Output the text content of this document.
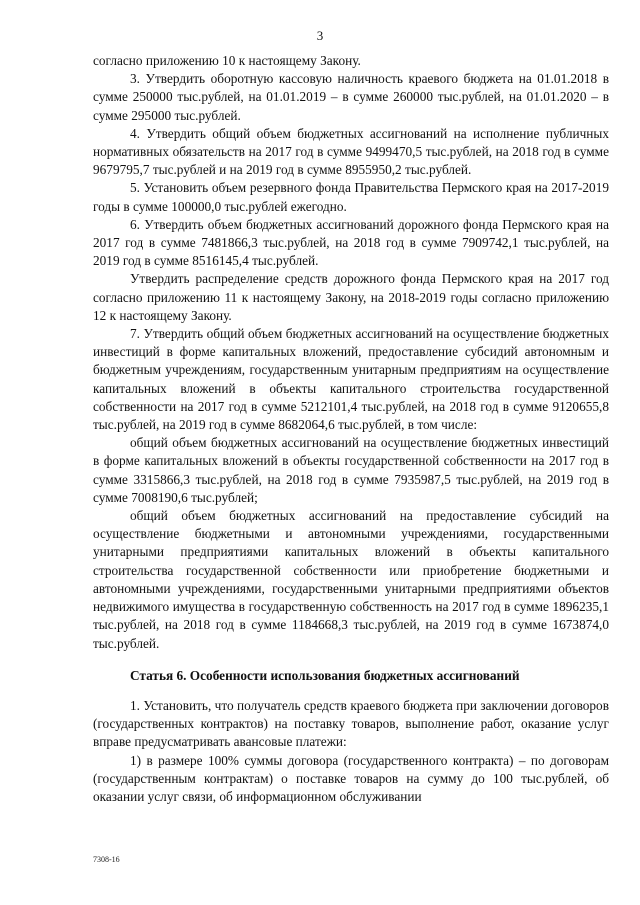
3

согласно приложению 10 к настоящему Закону.

3. Утвердить оборотную кассовую наличность краевого бюджета на 01.01.2018 в сумме 250000 тыс.рублей, на 01.01.2019 – в сумме 260000 тыс.рублей, на 01.01.2020 – в сумме 295000 тыс.рублей.

4. Утвердить общий объем бюджетных ассигнований на исполнение публичных нормативных обязательств на 2017 год в сумме 9499470,5 тыс.рублей, на 2018 год в сумме 9679795,7 тыс.рублей и на 2019 год в сумме 8955950,2 тыс.рублей.

5. Установить объем резервного фонда Правительства Пермского края на 2017-2019 годы в сумме 100000,0 тыс.рублей ежегодно.

6. Утвердить объем бюджетных ассигнований дорожного фонда Пермского края на 2017 год в сумме 7481866,3 тыс.рублей, на 2018 год в сумме 7909742,1 тыс.рублей, на 2019 год в сумме 8516145,4 тыс.рублей.

Утвердить распределение средств дорожного фонда Пермского края на 2017 год согласно приложению 11 к настоящему Закону, на 2018-2019 годы согласно приложению 12 к настоящему Закону.

7. Утвердить общий объем бюджетных ассигнований на осуществление бюджетных инвестиций в форме капитальных вложений, предоставление субсидий автономным и бюджетным учреждениям, государственным унитарным предприятиям на осуществление капитальных вложений в объекты капитального строительства государственной собственности на 2017 год в сумме 5212101,4 тыс.рублей, на 2018 год в сумме 9120655,8 тыс.рублей, на 2019 год в сумме 8682064,6 тыс.рублей, в том числе:

общий объем бюджетных ассигнований на осуществление бюджетных инвестиций в форме капитальных вложений в объекты государственной собственности на 2017 год в сумме 3315866,3 тыс.рублей, на 2018 год в сумме 7935987,5 тыс.рублей, на 2019 год в сумме 7008190,6 тыс.рублей;

общий объем бюджетных ассигнований на предоставление субсидий на осуществление бюджетными и автономными учреждениями, государственными унитарными предприятиями капитальных вложений в объекты капитального строительства государственной собственности или приобретение бюджетными и автономными учреждениями, государственными унитарными предприятиями объектов недвижимого имущества в государственную собственность на 2017 год в сумме 1896235,1 тыс.рублей, на 2018 год в сумме 1184668,3 тыс.рублей, на 2019 год в сумме 1673874,0 тыс.рублей.

Статья 6. Особенности использования бюджетных ассигнований

1. Установить, что получатель средств краевого бюджета при заключении договоров (государственных контрактов) на поставку товаров, выполнение работ, оказание услуг вправе предусматривать авансовые платежи:

1) в размере 100% суммы договора (государственного контракта) – по договорам (государственным контрактам) о поставке товаров на сумму до 100 тыс.рублей, об оказании услуг связи, об информационном обслуживании

7308-16
